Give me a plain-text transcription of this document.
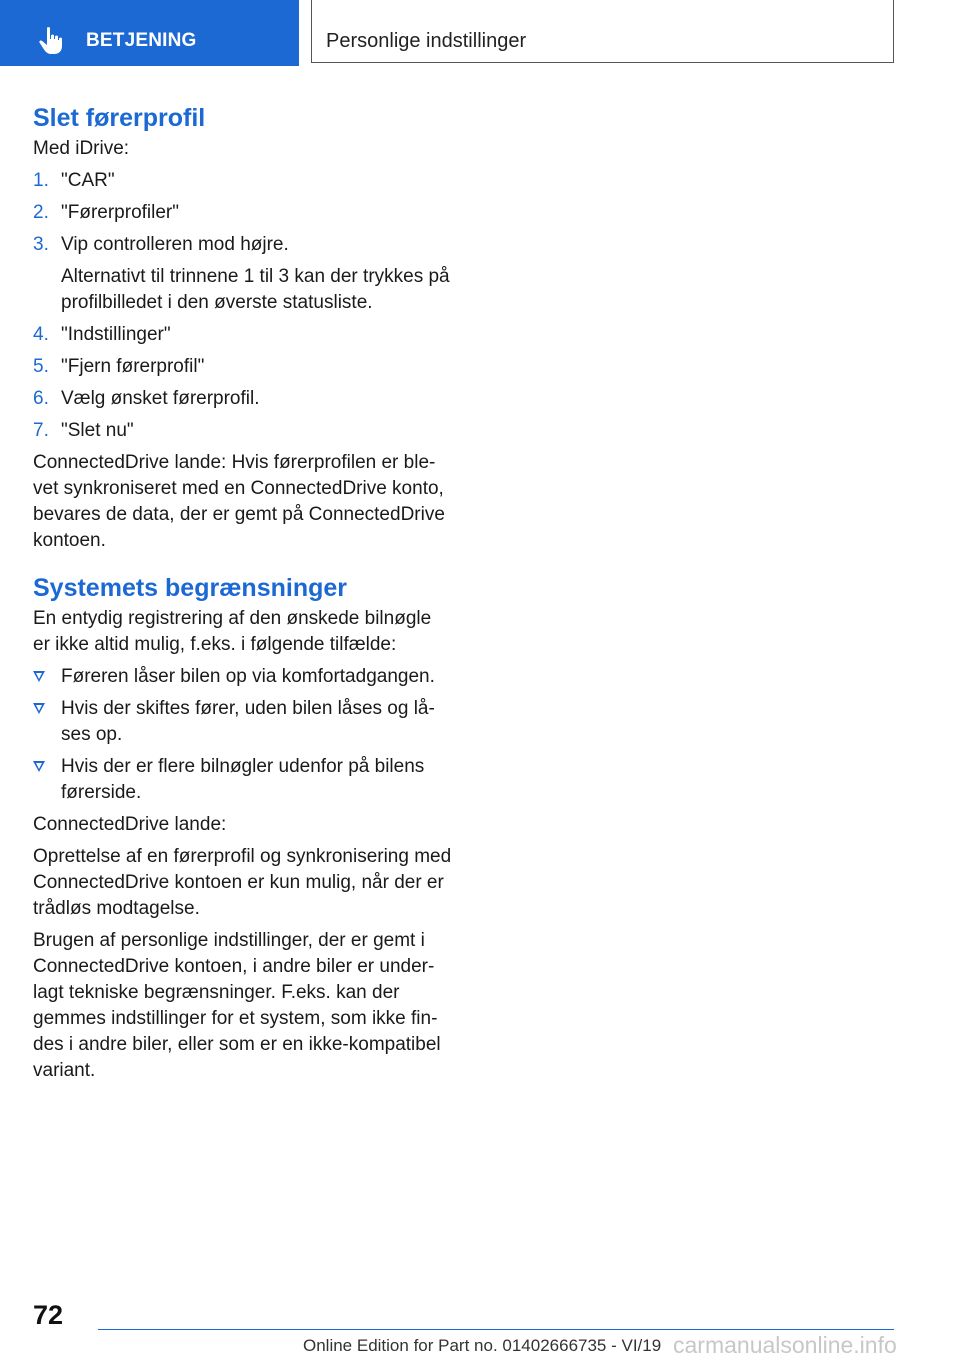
BETJENING	Personlige indstillinger
Slet førerprofil

Med iDrive:

1. "CAR"
2. "Førerprofiler"
3. Vip controlleren mod højre.
Alternativt til trinnene 1 til 3 kan der trykkes på profilbilledet i den øverste statusliste.
4. "Indstillinger"
5. "Fjern førerprofil"
6. Vælg ønsket førerprofil.
7. "Slet nu"

ConnectedDrive lande: Hvis førerprofilen er ble-vet synkroniseret med en ConnectedDrive konto, bevares de data, der er gemt på ConnectedDrive kontoen.

Systemets begrænsninger

En entydig registrering af den ønskede bilnøgle er ikke altid mulig, f.eks. i følgende tilfælde:

Føreren låser bilen op via komfortadgangen.
Hvis der skiftes fører, uden bilen låses og lå-ses op.
Hvis der er flere bilnøgler udenfor på bilens førerside.

ConnectedDrive lande:

Oprettelse af en førerprofil og synkronisering med ConnectedDrive kontoen er kun mulig, når der er trådløs modtagelse.

Brugen af personlige indstillinger, der er gemt i ConnectedDrive kontoen, i andre biler er under-lagt tekniske begrænsninger. F.eks. kan der gemmes indstillinger for et system, som ikke fin-des i andre biler, eller som er en ikke-kompatibel variant.

72
Online Edition for Part no. 01402666735 - VI/19 carmanualsonline.info
